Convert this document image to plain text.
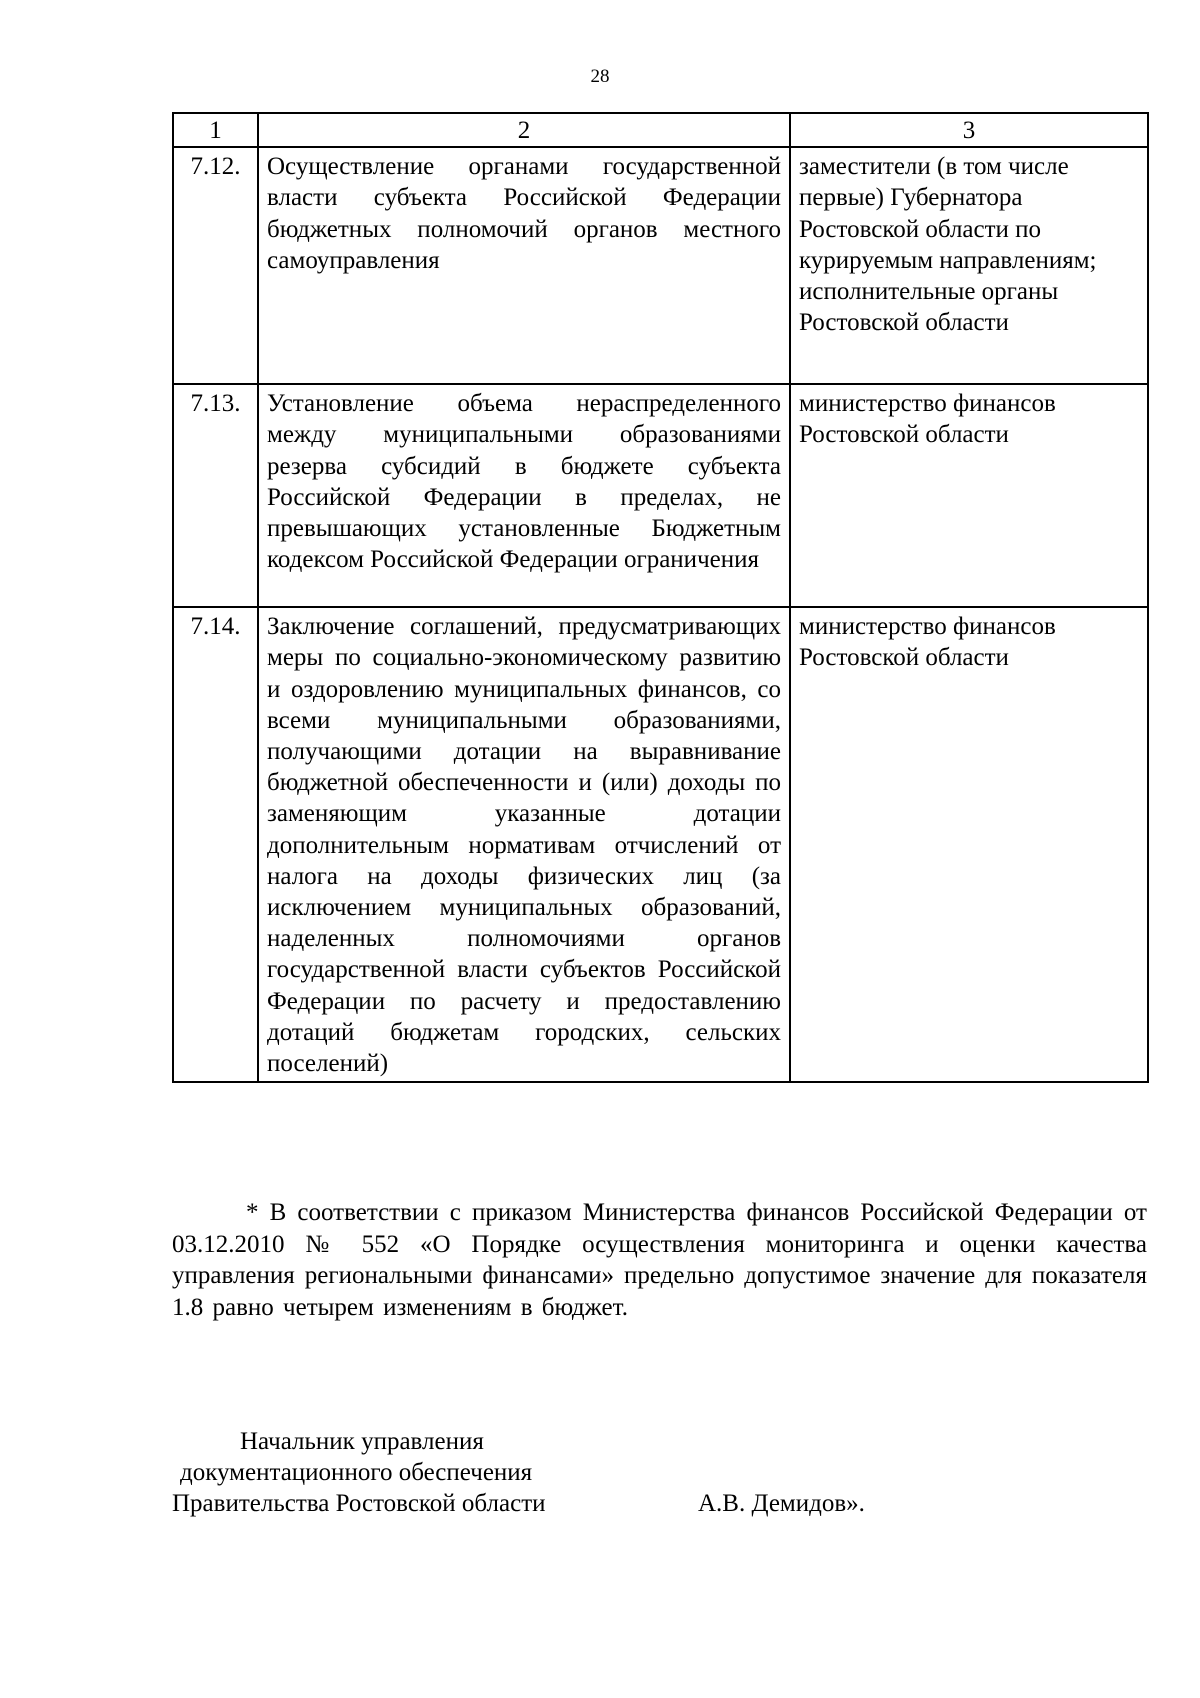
28
1	2	3
7.12.	Осуществление органами государственной власти субъекта Российской Федерации бюджетных полномочий органов местного самоуправления	заместители (в том числе первые) Губернатора Ростовской области по курируемым направлениям; исполнительные органы Ростовской области
7.13.	Установление объема нераспределенного между муниципальными образованиями резерва субсидий в бюджете субъекта Российской Федерации в пределах, не превышающих установленные Бюджетным кодексом Российской Федерации ограничения	министерство финансов Ростовской области
7.14.	Заключение соглашений, предусматривающих меры по социально-экономическому развитию и оздоровлению муниципальных финансов, со всеми муниципальными образованиями, получающими дотации на выравнивание бюджетной обеспеченности и (или) доходы по заменяющим указанные дотации дополнительным нормативам отчислений от налога на доходы физических лиц (за исключением муниципальных образований, наделенных полномочиями органов государственной власти субъектов Российской Федерации по расчету и предоставлению дотаций бюджетам городских, сельских поселений)	министерство финансов Ростовской области

* В соответствии с приказом Министерства финансов Российской Федерации от 03.12.2010 № 552 «О Порядке осуществления мониторинга и оценки качества управления региональными финансами» предельно допустимое значение для показателя 1.8 равно четырем изменениям в бюджет.

Начальник управления
документационного обеспечения
Правительства Ростовской области	А.В. Демидов».
